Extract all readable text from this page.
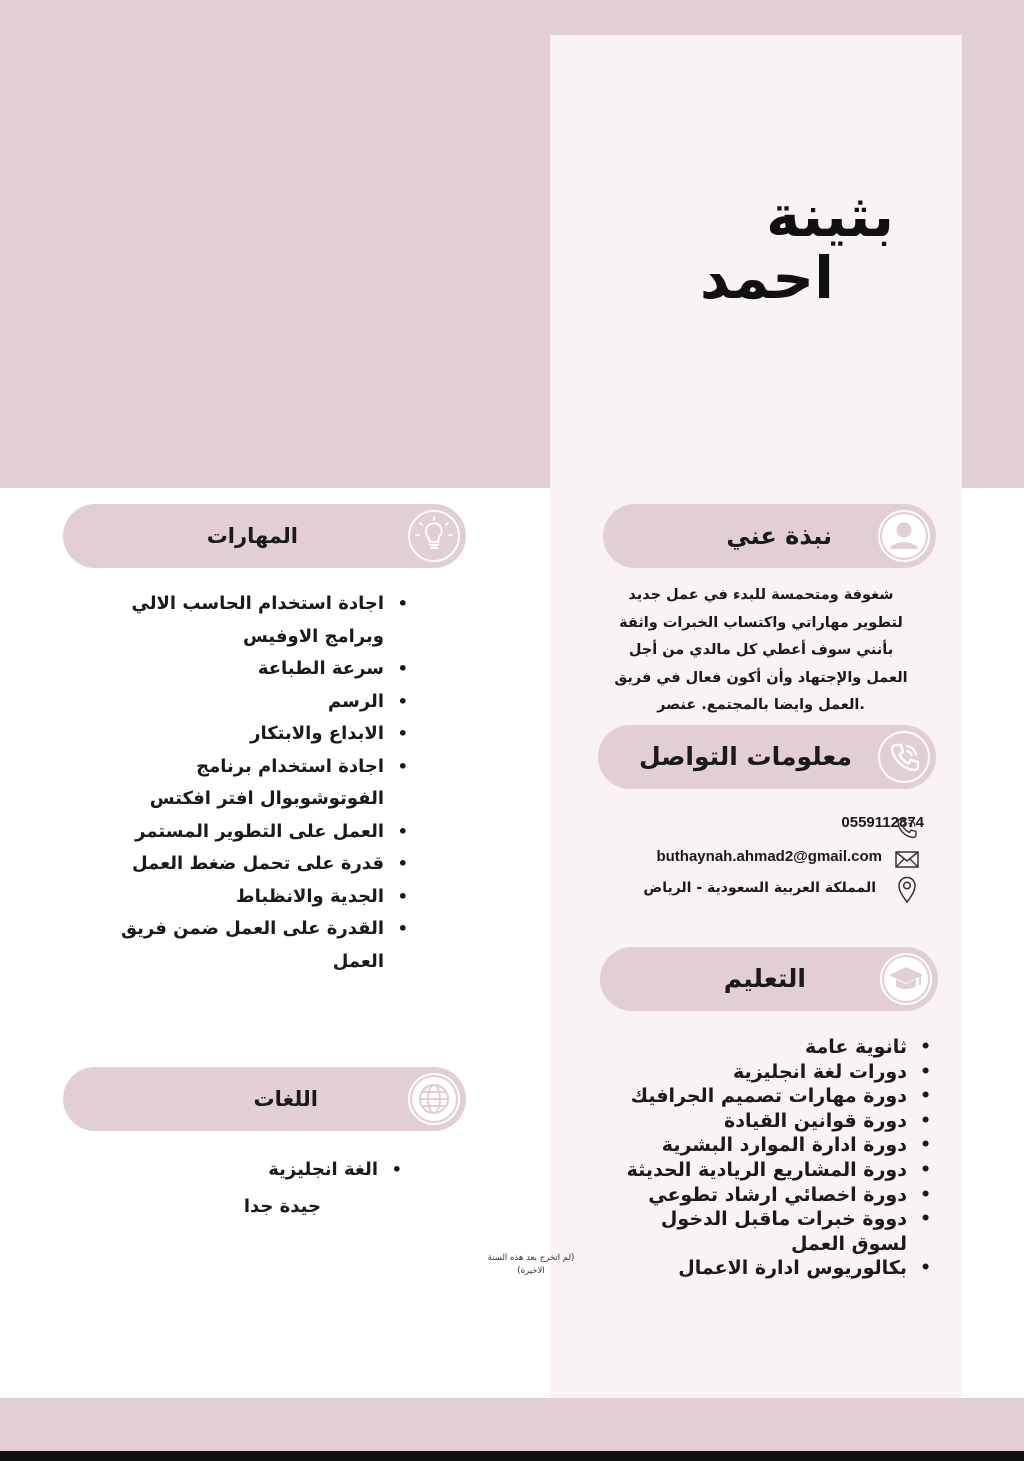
بثينة
احمد
نبذة عني
شغوفة ومتحمسة للبدء في عمل جديد
لتطوير مهاراتي واكتساب الخبرات واثقة
بأنني سوف أعطي كل مالدي من أجل
العمل والإجتهاد وأن أكون فعال في فريق
.العمل وايضا بالمجتمع. عنصر
معلومات التواصل
0559112874
buthaynah.ahmad2@gmail.com
المملكة العربية السعودية - الرياض
التعليم
• ثانوية عامة
• دورات لغة انجليزية
• دورة مهارات تصميم الجرافيك
• دورة قوانين القيادة
• دورة ادارة الموارد البشرية
• دورة المشاريع الريادية الحديثة
• دورة اخصائي ارشاد تطوعي
• دووة خبرات ماقبل الدخول لسوق العمل
• بكالوريوس ادارة الاعمال
(لم اتخرج بعد هذه السنة الاخيرة)
المهارات
• اجادة استخدام الحاسب الالي وبرامج الاوفيس
• سرعة الطباعة
• الرسم
• الابداع والابتكار
• اجادة استخدام برنامج الفوتوشوبوال افتر افكتس
• العمل على التطوير المستمر
• قدرة على تحمل ضغط العمل
• الجدية والانظباط
• القدرة على العمل ضمن فريق العمل
اللغات
• الغة انجليزية
جيدة جدا
